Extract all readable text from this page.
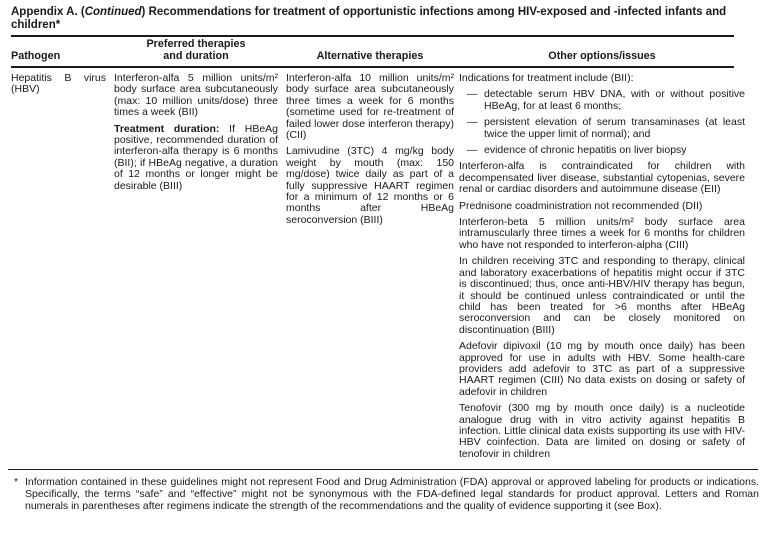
Appendix A. (Continued) Recommendations for treatment of opportunistic infections among HIV-exposed and -infected infants and children*
Pathogen
Preferred therapies and duration	Alternative therapies	Other options/issues

Hepatitis B virus (HBV)

Interferon-alfa 5 million units/m² body surface area subcutaneously (max: 10 million units/dose) three times a week (BII)

Treatment duration: If HBeAg positive, recommended duration of interferon-alfa therapy is 6 months (BII); if HBeAg negative, a duration of 12 months or longer might be desirable (BIII)

Interferon-alfa 10 million units/m² body surface area subcutaneously three times a week for 6 months (sometime used for re-treatment of failed lower dose interferon therapy) (CII)

Lamivudine (3TC) 4 mg/kg body weight by mouth (max: 150 mg/dose) twice daily as part of a fully suppressive HAART regimen for a minimum of 12 months or 6 months after HBeAg seroconversion (BIII)

Indications for treatment include (BII):

— detectable serum HBV DNA, with or without positive HBeAg, for at least 6 months;

— persistent elevation of serum transaminases (at least twice the upper limit of normal); and

— evidence of chronic hepatitis on liver biopsy

Interferon-alfa is contraindicated for children with decompensated liver disease, substantial cytopenias, severe renal or cardiac disorders and autoimmune disease (EII)

Prednisone coadministration not recommended (DII)

Interferon-beta 5 million units/m² body surface area intramuscularly three times a week for 6 months for children who have not responded to interferon-alpha (CIII)

In children receiving 3TC and responding to therapy, clinical and laboratory exacerbations of hepatitis might occur if 3TC is discontinued; thus, once anti-HBV/HIV therapy has begun, it should be continued unless contraindicated or until the child has been treated for >6 months after HBeAg seroconversion and can be closely monitored on discontinuation (BIII)

Adefovir dipivoxil (10 mg by mouth once daily) has been approved for use in adults with HBV. Some health-care providers add adefovir to 3TC as part of a suppressive HAART regimen (CIII) No data exists on dosing or safety of adefovir in children

Tenofovir (300 mg by mouth once daily) is a nucleotide analogue drug with in vitro activity against hepatitis B infection. Little clinical data exists supporting its use with HIV-HBV coinfection. Data are limited on dosing or safety of tenofovir in children

* Information contained in these guidelines might not represent Food and Drug Administration (FDA) approval or approved labeling for products or indications. Specifically, the terms “safe” and “effective” might not be synonymous with the FDA-defined legal standards for product approval. Letters and Roman numerals in parentheses after regimens indicate the strength of the recommendations and the quality of evidence supporting it (see Box).
